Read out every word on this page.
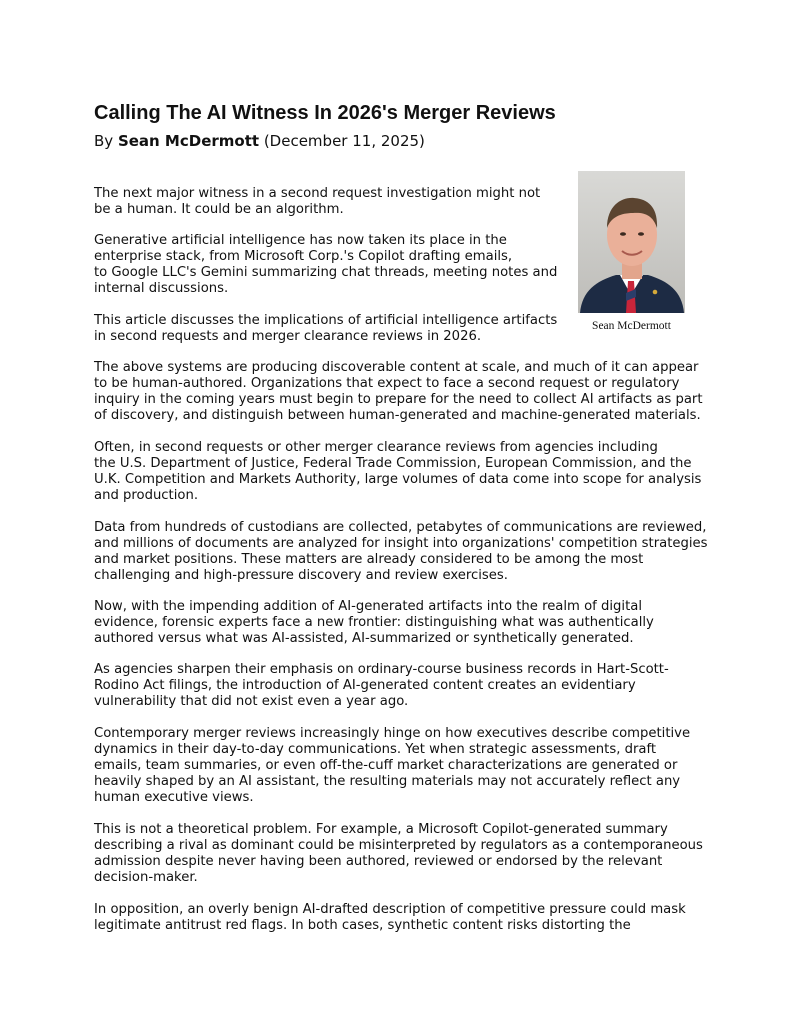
Calling The AI Witness In 2026's Merger Reviews

By Sean McDermott (December 11, 2025)

Sean McDermott

The next major witness in a second request investigation might not
be a human. It could be an algorithm.

Generative artificial intelligence has now taken its place in the
enterprise stack, from Microsoft Corp.'s Copilot drafting emails,
to Google LLC's Gemini summarizing chat threads, meeting notes and
internal discussions.

This article discusses the implications of artificial intelligence artifacts
in second requests and merger clearance reviews in 2026.

The above systems are producing discoverable content at scale, and much of it can appear
to be human-authored. Organizations that expect to face a second request or regulatory
inquiry in the coming years must begin to prepare for the need to collect AI artifacts as part
of discovery, and distinguish between human-generated and machine-generated materials.

Often, in second requests or other merger clearance reviews from agencies including
the U.S. Department of Justice, Federal Trade Commission, European Commission, and the
U.K. Competition and Markets Authority, large volumes of data come into scope for analysis
and production.

Data from hundreds of custodians are collected, petabytes of communications are reviewed,
and millions of documents are analyzed for insight into organizations' competition strategies
and market positions. These matters are already considered to be among the most
challenging and high-pressure discovery and review exercises.

Now, with the impending addition of AI-generated artifacts into the realm of digital
evidence, forensic experts face a new frontier: distinguishing what was authentically
authored versus what was AI-assisted, AI-summarized or synthetically generated.

As agencies sharpen their emphasis on ordinary-course business records in Hart-Scott-
Rodino Act filings, the introduction of AI-generated content creates an evidentiary
vulnerability that did not exist even a year ago.

Contemporary merger reviews increasingly hinge on how executives describe competitive
dynamics in their day-to-day communications. Yet when strategic assessments, draft
emails, team summaries, or even off-the-cuff market characterizations are generated or
heavily shaped by an AI assistant, the resulting materials may not accurately reflect any
human executive views.

This is not a theoretical problem. For example, a Microsoft Copilot-generated summary
describing a rival as dominant could be misinterpreted by regulators as a contemporaneous
admission despite never having been authored, reviewed or endorsed by the relevant
decision-maker.

In opposition, an overly benign AI-drafted description of competitive pressure could mask
legitimate antitrust red flags. In both cases, synthetic content risks distorting the
